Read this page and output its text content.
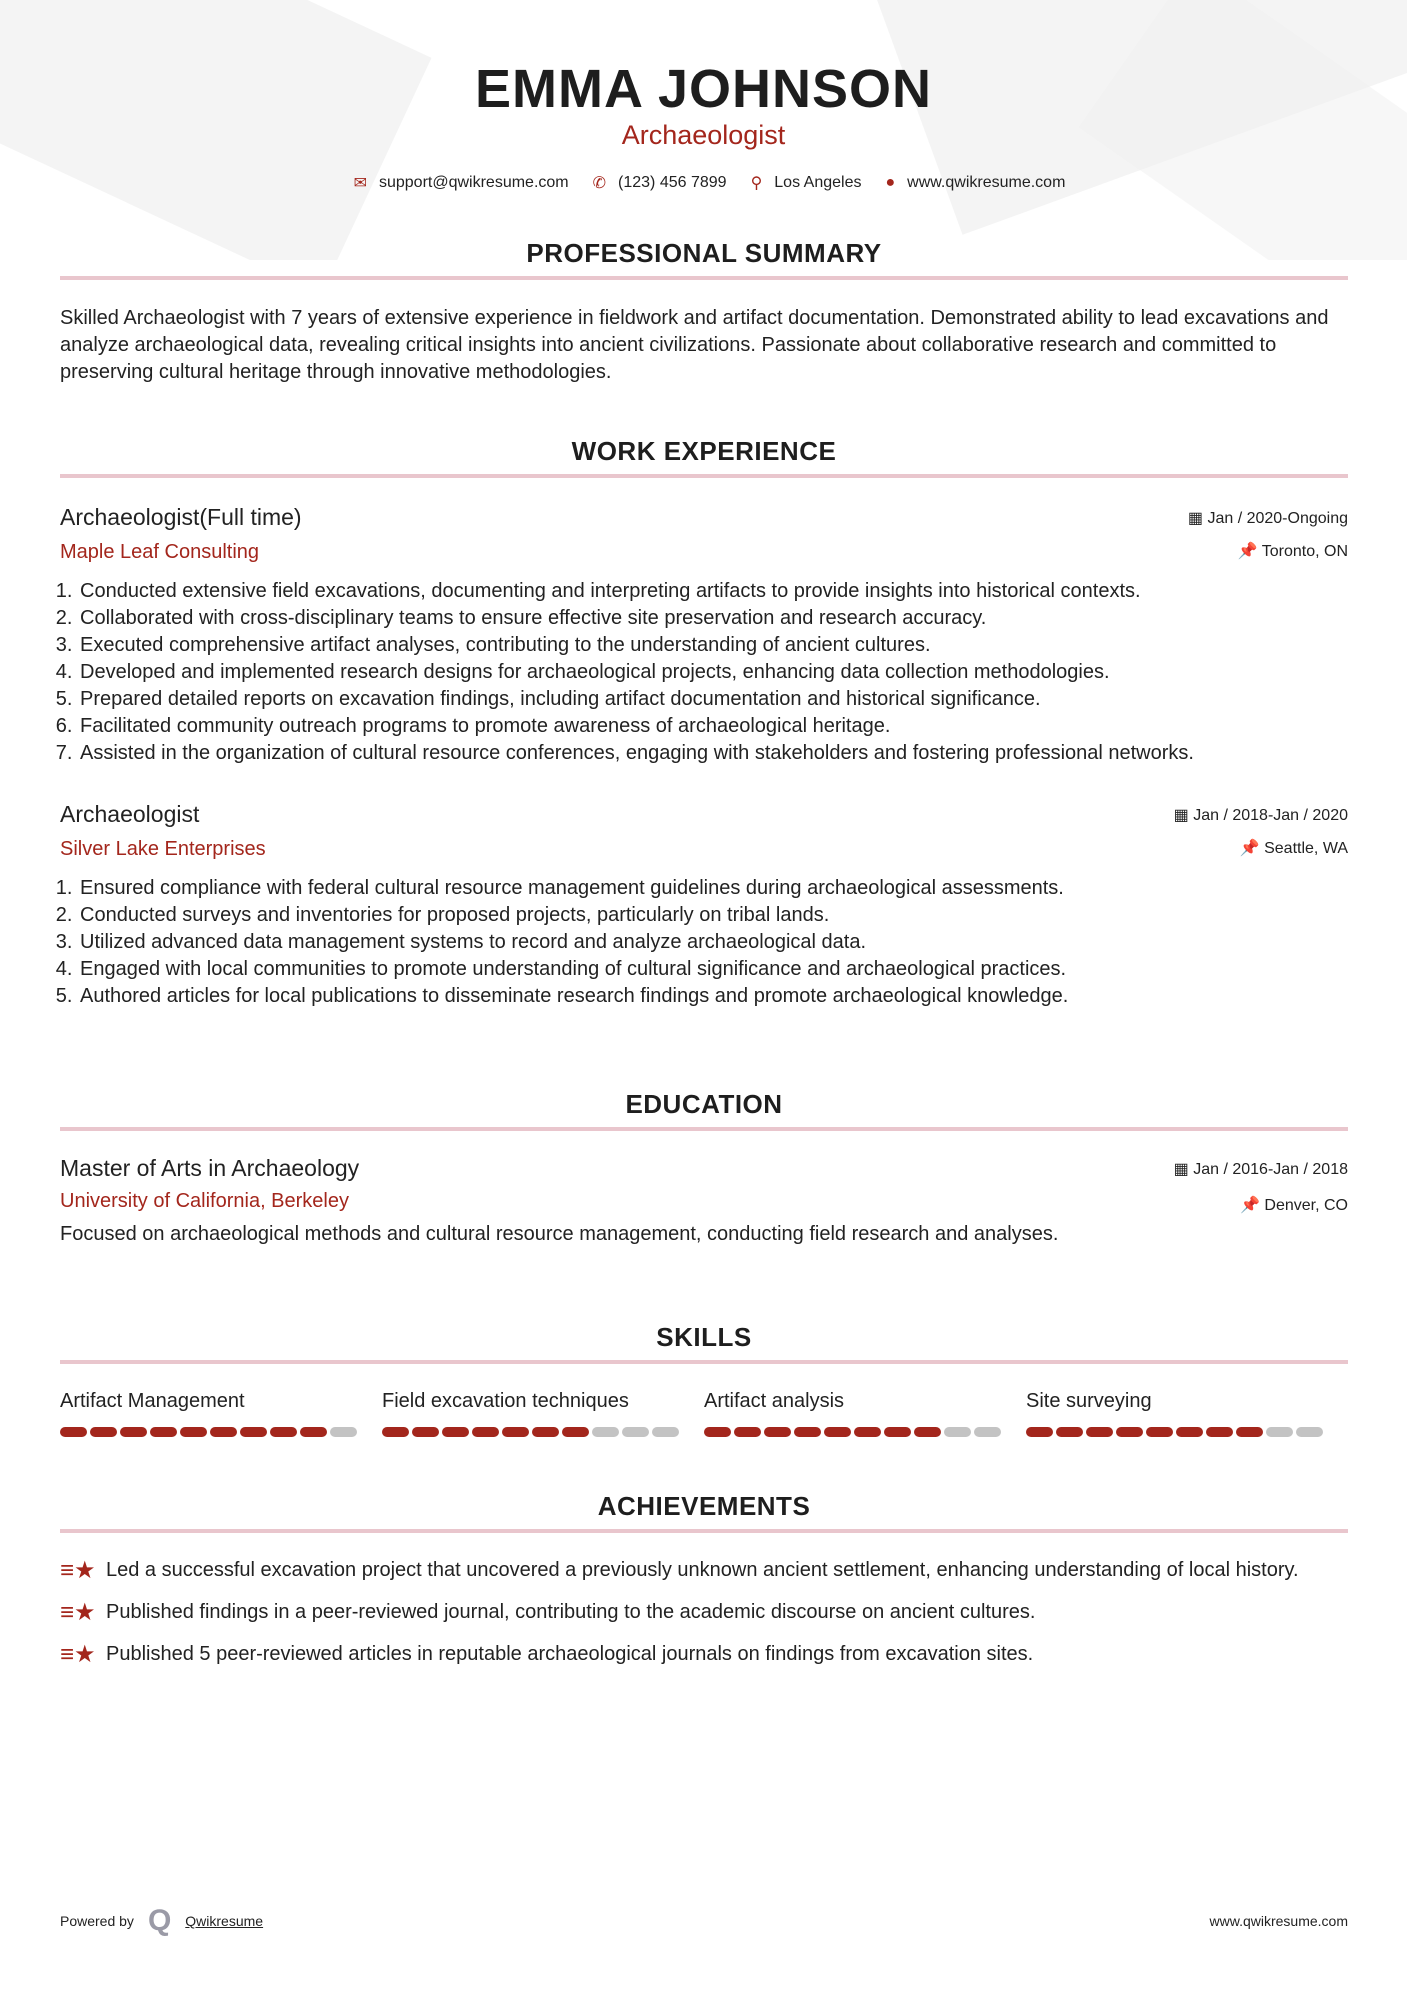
EMMA JOHNSON
Archaeologist
✉ support@qwikresume.com ✆ (123) 456 7899 ⚲ Los Angeles ● www.qwikresume.com
PROFESSIONAL SUMMARY

Skilled Archaeologist with 7 years of extensive experience in fieldwork and artifact documentation. Demonstrated ability to lead excavations and analyze archaeological data, revealing critical insights into ancient civilizations. Passionate about collaborative research and committed to preserving cultural heritage through innovative methodologies.

WORK EXPERIENCE
Archaeologist(Full time)	▦ Jan / 2020-Ongoing
📌 Toronto, ON
Maple Leaf Consulting
1. Conducted extensive field excavations, documenting and interpreting artifacts to provide insights into historical contexts.
2. Collaborated with cross-disciplinary teams to ensure effective site preservation and research accuracy.
3. Executed comprehensive artifact analyses, contributing to the understanding of ancient cultures.
4. Developed and implemented research designs for archaeological projects, enhancing data collection methodologies.
5. Prepared detailed reports on excavation findings, including artifact documentation and historical significance.
6. Facilitated community outreach programs to promote awareness of archaeological heritage.
7. Assisted in the organization of cultural resource conferences, engaging with stakeholders and fostering professional networks.
Archaeologist	▦ Jan / 2018-Jan / 2020
📌 Seattle, WA
Silver Lake Enterprises
1. Ensured compliance with federal cultural resource management guidelines during archaeological assessments.
2. Conducted surveys and inventories for proposed projects, particularly on tribal lands.
3. Utilized advanced data management systems to record and analyze archaeological data.
4. Engaged with local communities to promote understanding of cultural significance and archaeological practices.
5. Authored articles for local publications to disseminate research findings and promote archaeological knowledge.
EDUCATION
Master of Arts in Archaeology	▦ Jan / 2016-Jan / 2018
📌 Denver, CO
University of California, Berkeley

Focused on archaeological methods and cultural resource management, conducting field research and analyses.

SKILLS
Artifact Management	Field excavation techniques	Artifact analysis	Site surveying
ACHIEVEMENTS
≡★ Led a successful excavation project that uncovered a previously unknown ancient settlement, enhancing understanding of local history.
≡★ Published findings in a peer-reviewed journal, contributing to the academic discourse on ancient cultures.
≡★ Published 5 peer-reviewed articles in reputable archaeological journals on findings from excavation sites.
Powered by Q Qwikresume	www.qwikresume.com
